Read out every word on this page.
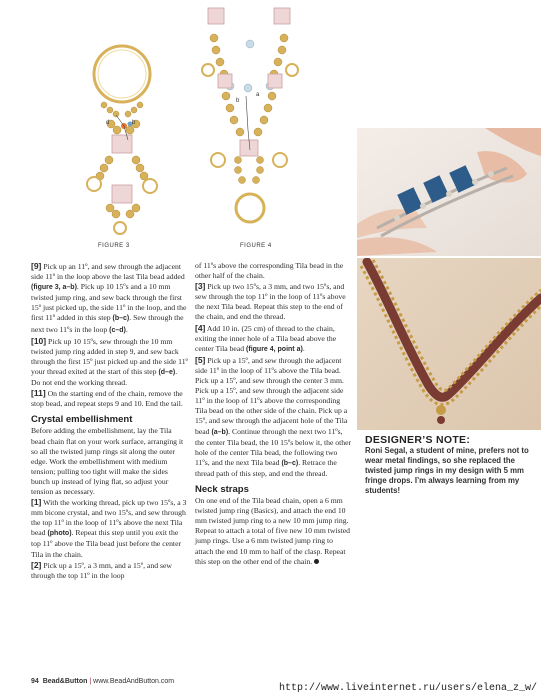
d	b
FIGURE 3
a
b
FIGURE 4

[9] Pick up an 11º, and sew through the adjacent side 11º in the loop above the last Tila bead added (figure 3, a–b). Pick up 10 15ºs and a 10 mm twisted jump ring, and sew back through the first 15º just picked up, the side 11º in the loop, and the first 11º added in this step (b–c). Sew through the next two 11ºs in the loop (c–d).

[10] Pick up 10 15ºs, sew through the 10 mm twisted jump ring added in step 9, and sew back through the first 15º just picked up and the side 11º your thread exited at the start of this step (d–e). Do not end the working thread.

[11] On the starting end of the chain, remove the stop bead, and repeat steps 9 and 10. End the tail.

Crystal embellishment

Before adding the embellishment, lay the Tila bead chain flat on your work surface, arranging it so all the twisted jump rings sit along the outer edge. Work the embellishment with medium tension; pulling too tight will make the sides bunch up instead of lying flat, so adjust your tension as necessary.

[1] With the working thread, pick up two 15ºs, a 3 mm bicone crystal, and two 15ºs, and sew through the top 11º in the loop of 11ºs above the next Tila bead (photo). Repeat this step until you exit the top 11º above the Tila bead just before the center Tila in the chain.

[2] Pick up a 15º, a 3 mm, and a 15º, and sew through the top 11º in the loop

of 11ºs above the corresponding Tila bead in the other half of the chain.

[3] Pick up two 15ºs, a 3 mm, and two 15ºs, and sew through the top 11º in the loop of 11ºs above the next Tila bead. Repeat this step to the end of the chain, and end the thread.

[4] Add 10 in. (25 cm) of thread to the chain, exiting the inner hole of a Tila bead above the center Tila bead (figure 4, point a).

[5] Pick up a 15º, and sew through the adjacent side 11º in the loop of 11ºs above the Tila bead. Pick up a 15º, and sew through the center 3 mm. Pick up a 15º, and sew through the adjacent side 11º in the loop of 11ºs above the corresponding Tila bead on the other side of the chain. Pick up a 15º, and sew through the adjacent hole of the Tila bead (a–b). Continue through the next two 11ºs, the center Tila bead, the 10 15ºs below it, the other hole of the center Tila bead, the following two 11ºs, and the next Tila bead (b–c). Retrace the thread path of this step, and end the thread.

Neck straps

On one end of the Tila bead chain, open a 6 mm twisted jump ring (Basics), and attach the end 10 mm twisted jump ring to a new 10 mm jump ring. Repeat to attach a total of five new 10 mm twisted jump rings. Use a 6 mm twisted jump ring to attach the end 10 mm to half of the clasp. Repeat this step on the other end of the chain.

DESIGNER’S NOTE:
Roni Segal, a student of mine, prefers not to wear metal findings, so she replaced the twisted jump rings in my design with 5 mm fringe drops. I’m always learning from my students!
94 Bead&Button | www.BeadAndButton.com
http://www.liveinternet.ru/users/elena_z_w/
